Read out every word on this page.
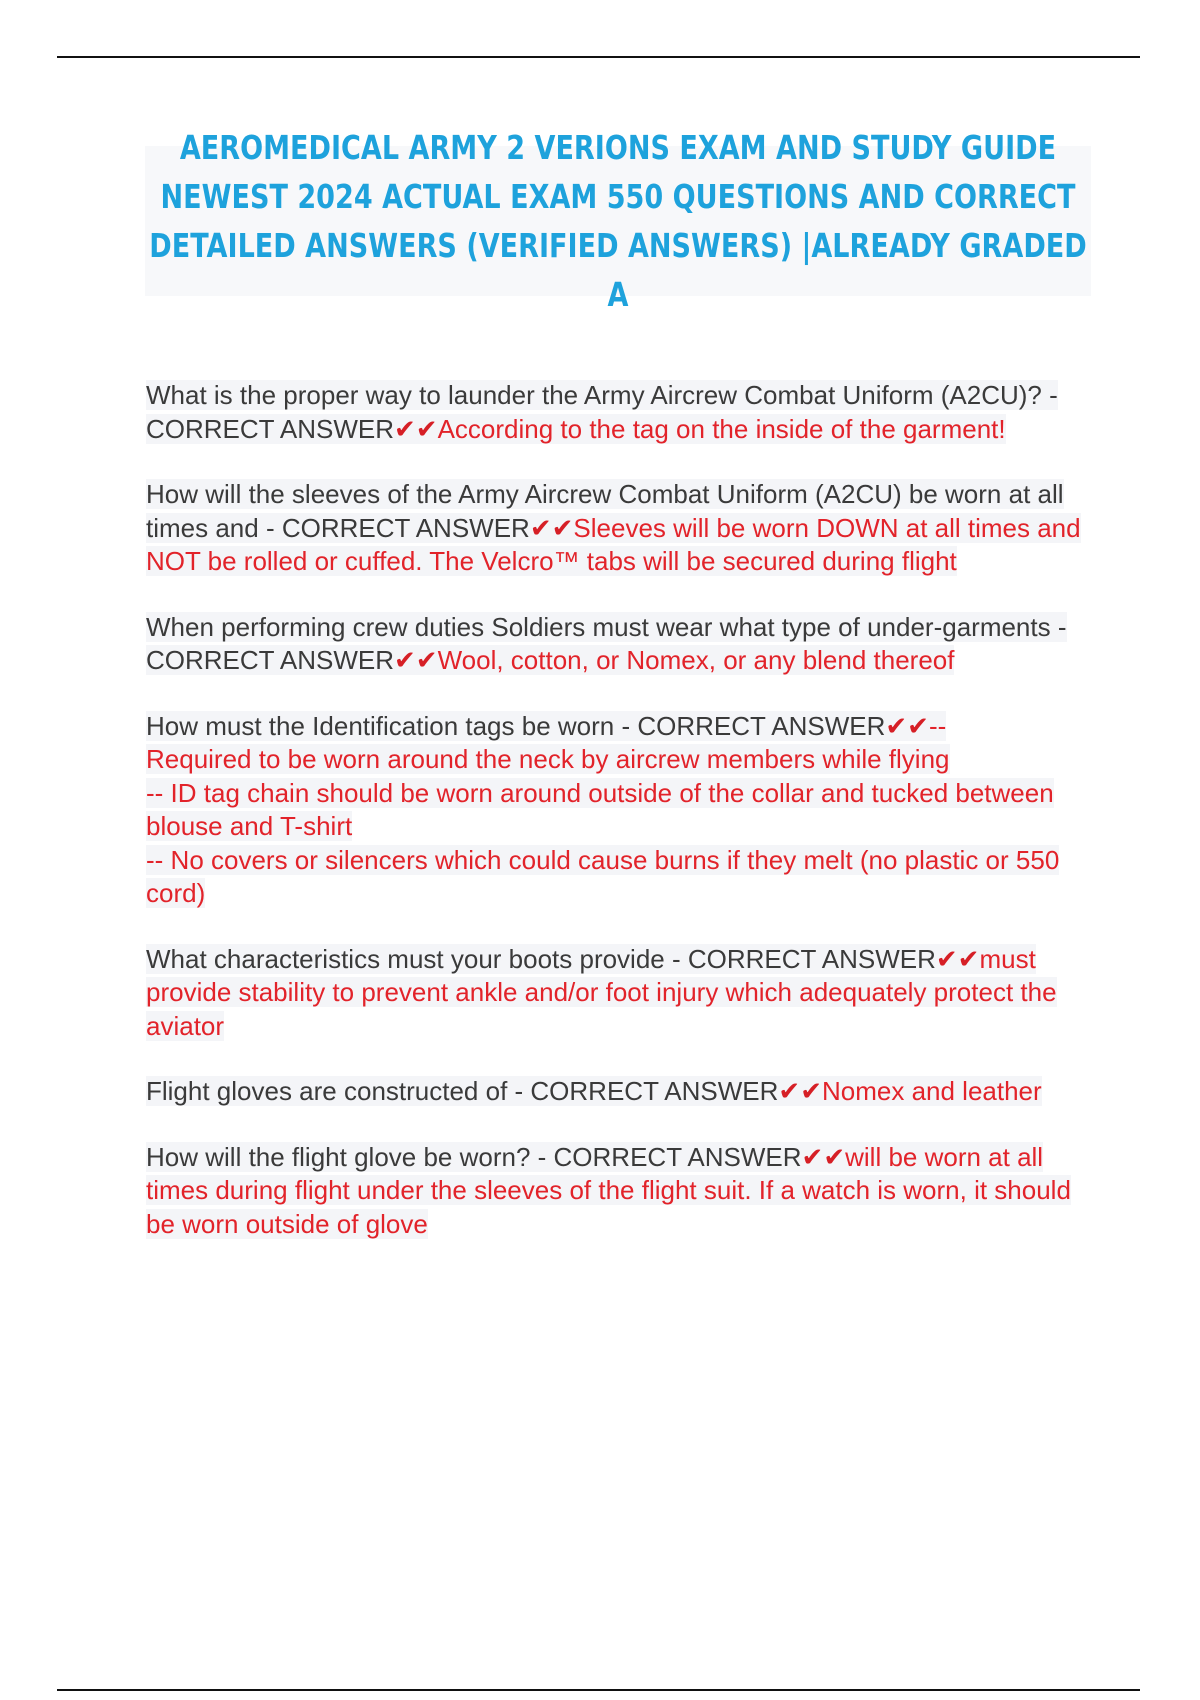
AEROMEDICAL ARMY 2 VERIONS EXAM AND STUDY GUIDE NEWEST 2024 ACTUAL EXAM 550 QUESTIONS AND CORRECT DETAILED ANSWERS (VERIFIED ANSWERS) |ALREADY GRADED A

What is the proper way to launder the Army Aircrew Combat Uniform (A2CU)? - CORRECT ANSWER✔✔According to the tag on the inside of the garment!

How will the sleeves of the Army Aircrew Combat Uniform (A2CU) be worn at all times and - CORRECT ANSWER✔✔Sleeves will be worn DOWN at all times and NOT be rolled or cuffed. The Velcro™ tabs will be secured during flight

When performing crew duties Soldiers must wear what type of under-garments - CORRECT ANSWER✔✔Wool, cotton, or Nomex, or any blend thereof

How must the Identification tags be worn - CORRECT ANSWER✔✔--
Required to be worn around the neck by aircrew members while flying
-- ID tag chain should be worn around outside of the collar and tucked between blouse and T-shirt
-- No covers or silencers which could cause burns if they melt (no plastic or 550 cord)

What characteristics must your boots provide - CORRECT ANSWER✔✔must provide stability to prevent ankle and/or foot injury which adequately protect the aviator

Flight gloves are constructed of - CORRECT ANSWER✔✔Nomex and leather

How will the flight glove be worn? - CORRECT ANSWER✔✔will be worn at all times during flight under the sleeves of the flight suit. If a watch is worn, it should be worn outside of glove
